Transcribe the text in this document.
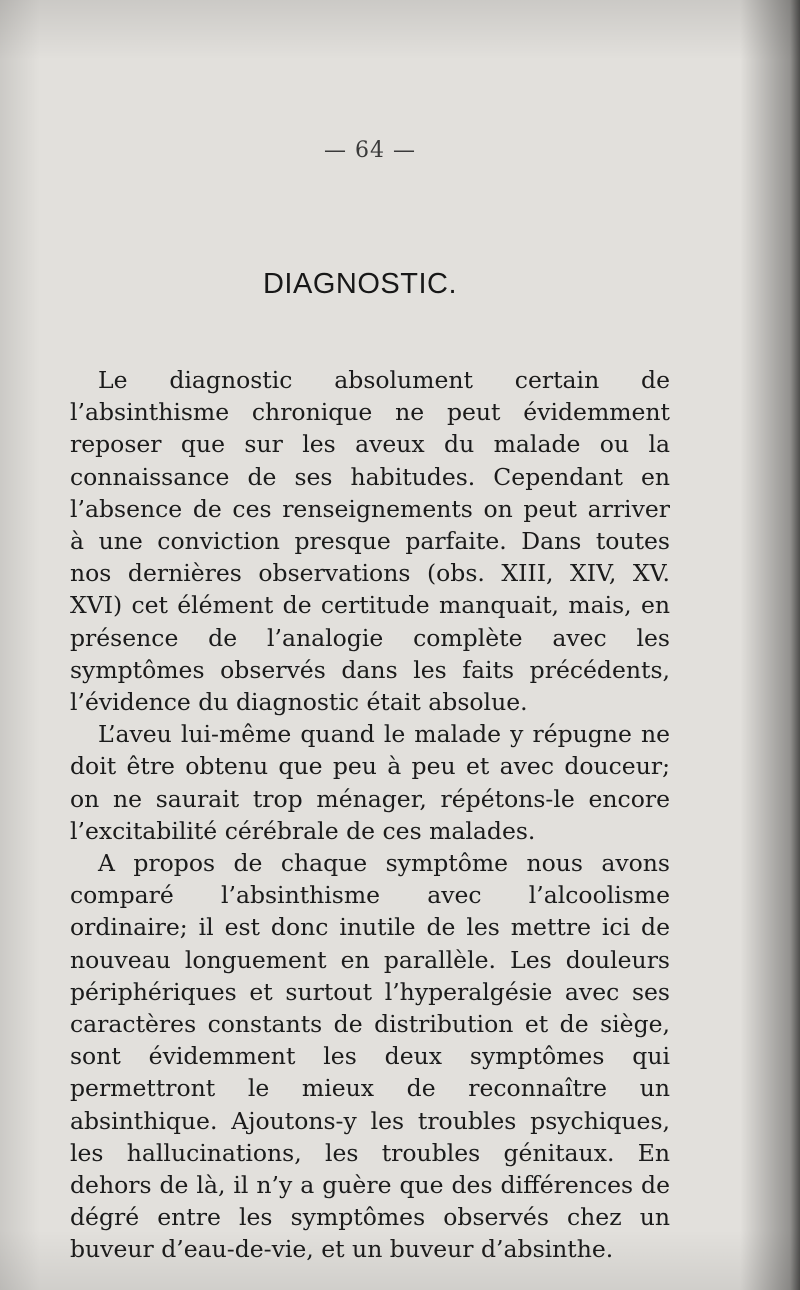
— 64 —
DIAGNOSTIC.

Le diagnostic absolument certain de l’absinthisme chronique ne peut évidemment reposer que sur les aveux du malade ou la connaissance de ses habitudes. Cependant en l’absence de ces renseignements on peut arriver à une conviction presque parfaite. Dans toutes nos dernières observations (obs. XIII, XIV, XV. XVI) cet élément de certitude manquait, mais, en présence de l’analogie complète avec les symptômes observés dans les faits précédents, l’évidence du diagnostic était absolue.

L’aveu lui-même quand le malade y répugne ne doit être obtenu que peu à peu et avec douceur; on ne saurait trop ménager, répétons-le encore l’excitabilité cérébrale de ces malades.

A propos de chaque symptôme nous avons comparé l’absinthisme avec l’alcoolisme ordinaire; il est donc inutile de les mettre ici de nouveau longuement en parallèle. Les douleurs périphériques et surtout l’hyperalgésie avec ses caractères constants de distribution et de siège, sont évidemment les deux symptômes qui permettront le mieux de reconnaître un absinthique. Ajoutons-y les troubles psychiques, les hallucinations, les troubles génitaux. En dehors de là, il n’y a guère que des différences de dégré entre les symptômes observés chez un buveur d’eau-de-vie, et un buveur d’absinthe.
